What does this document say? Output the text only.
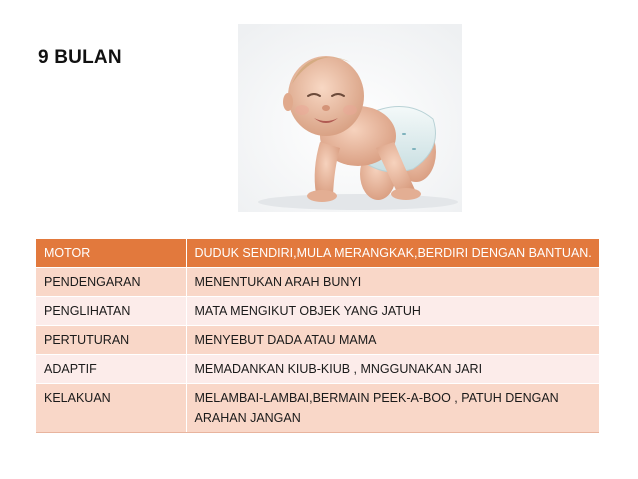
9 BULAN
MOTOR	DUDUK SENDIRI,MULA MERANGKAK,BERDIRI DENGAN BANTUAN.
PENDENGARAN	MENENTUKAN ARAH BUNYI
PENGLIHATAN	MATA MENGIKUT OBJEK YANG JATUH
PERTUTURAN	MENYEBUT DADA ATAU MAMA
ADAPTIF	MEMADANKAN KIUB-KIUB , MNGGUNAKAN JARI
KELAKUAN	MELAMBAI-LAMBAI,BERMAIN PEEK-A-BOO , PATUH DENGAN ARAHAN JANGAN
